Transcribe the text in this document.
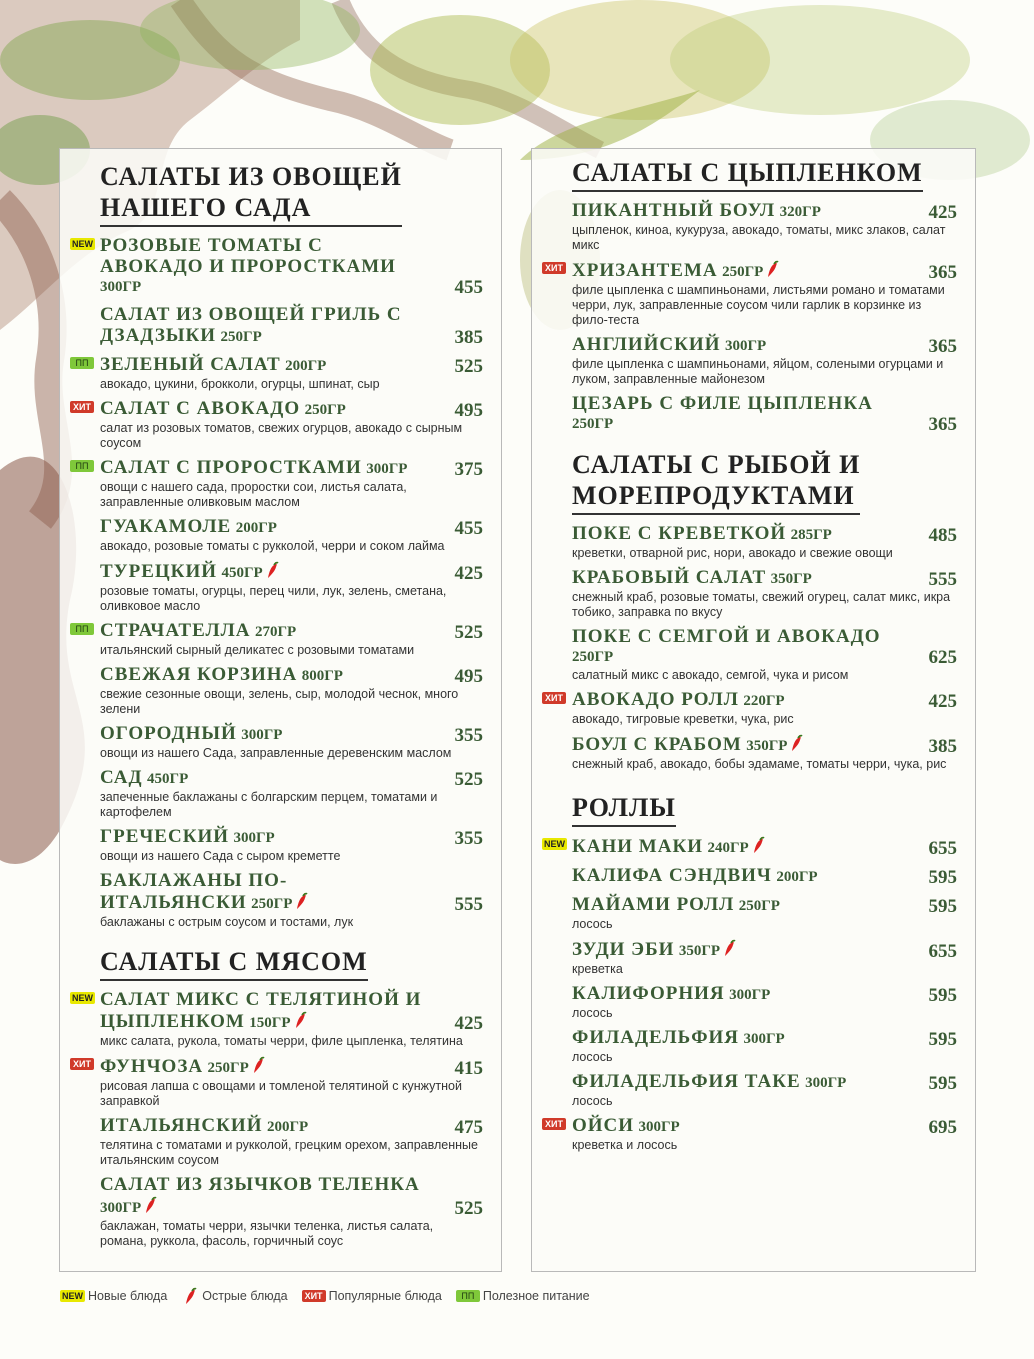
САЛАТЫ ИЗ ОВОЩЕЙ
НАШЕГО САДА
NEW РОЗОВЫЕ ТОМАТЫ С АВОКАДО И ПРОРОСТКАМИ 300ГР	455
САЛАТ ИЗ ОВОЩЕЙ ГРИЛЬ С ДЗАДЗЫКИ 250ГР	385
ПП ЗЕЛЕНЫЙ САЛАТ 200ГР	525
авокадо, цукини, брокколи, огурцы, шпинат, сыр
ХИТ САЛАТ С АВОКАДО 250ГР	495
салат из розовых томатов, свежих огурцов, авокадо с сырным соусом
ПП САЛАТ С ПРОРОСТКАМИ 300ГР 375
овощи с нашего сада, проростки сои, листья салата, заправленные оливковым маслом
ГУАКАМОЛЕ 200ГР	455
авокадо, розовые томаты с рукколой, черри и соком лайма
ТУРЕЦКИЙ 450ГР	425
розовые томаты, огурцы, перец чили, лук, зелень, сметана, оливковое масло
ПП СТРАЧАТЕЛЛА 270ГР	525
итальянский сырный деликатес с розовыми томатами
СВЕЖАЯ КОРЗИНА 800ГР	495
свежие сезонные овощи, зелень, сыр, молодой чеснок, много зелени
ОГОРОДНЫЙ 300ГР	355
овощи из нашего Сада, заправленные деревенским маслом
САД 450ГР	525
запеченные баклажаны с болгарским перцем, томатами и картофелем
ГРЕЧЕСКИЙ 300ГР	355
овощи из нашего Сада с сыром креметте
БАКЛАЖАНЫ ПО-ИТАЛЬЯНСКИ 250ГР	555
баклажаны с острым соусом и тостами, лук
САЛАТЫ С МЯСОМ
NEW САЛАТ МИКС С ТЕЛЯТИНОЙ И ЦЫПЛЕНКОМ 150ГР	425
микс салата, рукола, томаты черри, филе цыпленка, телятина
ХИТ ФУНЧОЗА 250ГР	415
рисовая лапша с овощами и томленой телятиной с кунжутной заправкой
ИТАЛЬЯНСКИЙ 200ГР	475
телятина с томатами и рукколой, грецким орехом, заправленные итальянским соусом
САЛАТ ИЗ ЯЗЫЧКОВ ТЕЛЕНКА 300ГР	525
баклажан, томаты черри, язычки теленка, листья салата, романа, руккола, фасоль, горчичный соус
САЛАТЫ С ЦЫПЛЕНКОМ
ПИКАНТНЫЙ БОУЛ 320ГР	425
цыпленок, киноа, кукуруза, авокадо, томаты, микс злаков, салат микс
ХИТ ХРИЗАНТЕМА 250ГР	365
филе цыпленка с шампиньонами, листьями романо и томатами черри, лук, заправленные соусом чили гарлик в корзинке из фило-теста
АНГЛИЙСКИЙ 300ГР	365
филе цыпленка с шампиньонами, яйцом, солеными огурцами и луком, заправленные майонезом
ЦЕЗАРЬ С ФИЛЕ ЦЫПЛЕНКА 250ГР	365
САЛАТЫ С РЫБОЙ И
МОРЕПРОДУКТАМИ
ПОКЕ С КРЕВЕТКОЙ 285ГР	485
креветки, отварной рис, нори, авокадо и свежие овощи
КРАБОВЫЙ САЛАТ 350ГР	555
снежный краб, розовые томаты, свежий огурец, салат микс, икра тобико, заправка по вкусу
ПОКЕ С СЕМГОЙ И АВОКАДО 250ГР	625
салатный микс с авокадо, семгой, чука и рисом
ХИТ АВОКАДО РОЛЛ 220ГР	425
авокадо, тигровые креветки, чука, рис
БОУЛ С КРАБОМ 350ГР	385
снежный краб, авокадо, бобы эдамаме, томаты черри, чука, рис
РОЛЛЫ
NEW КАНИ МАКИ 240ГР	655
КАЛИФА СЭНДВИЧ 200ГР	595
МАЙАМИ РОЛЛ 250ГР	595
лосось
ЗУДИ ЭБИ 350ГР	655
креветка
КАЛИФОРНИЯ 300ГР	595
лосось
ФИЛАДЕЛЬФИЯ 300ГР	595
лосось
ФИЛАДЕЛЬФИЯ ТАКЕ 300ГР	595
лосось
ХИТ ОЙСИ 300ГР	695
креветка и лосось
NEW Новые блюда	Острые блюда	ХИТ Популярные блюда	ПП Полезное питание
